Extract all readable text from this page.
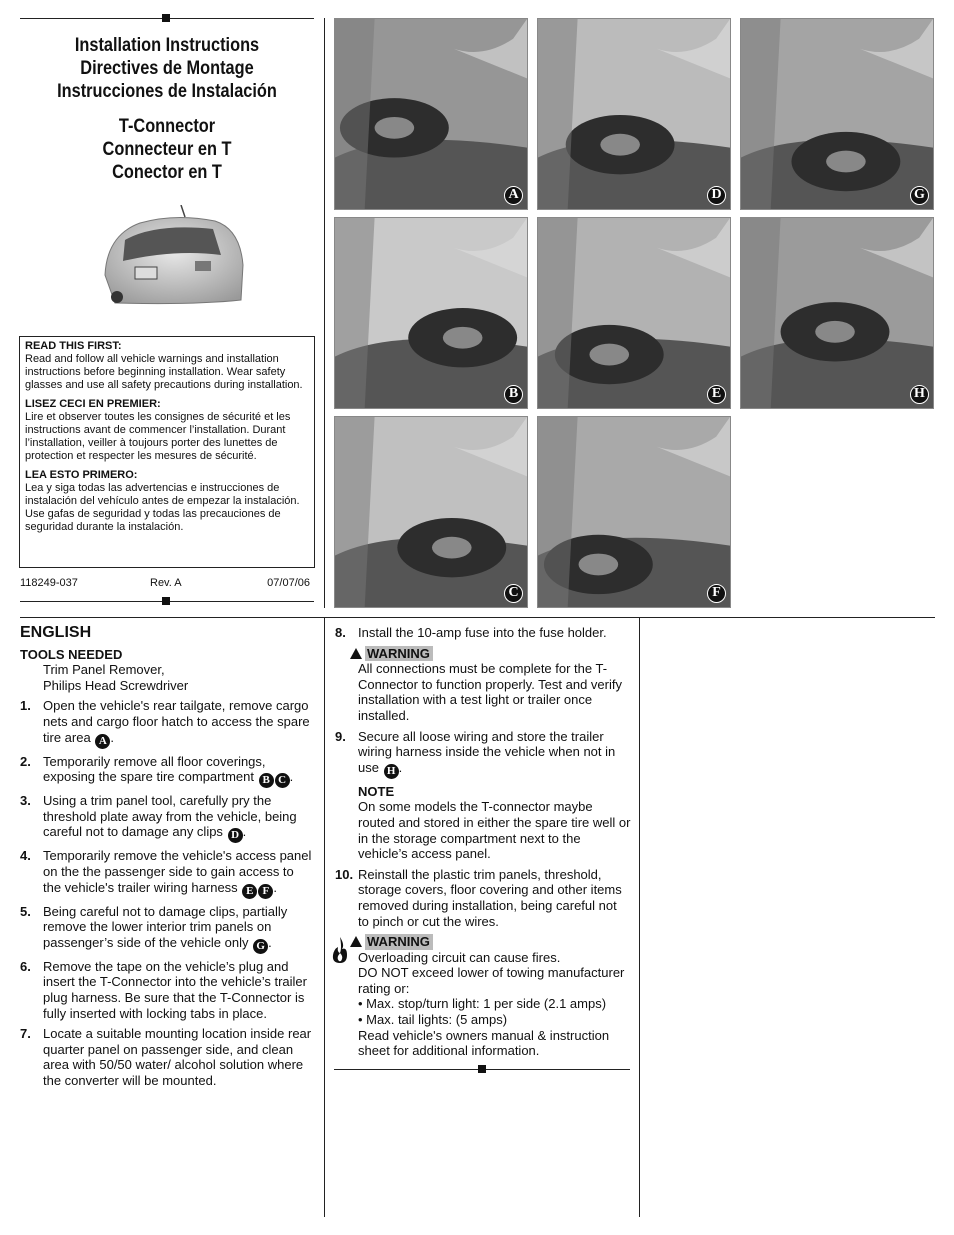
Installation Instructions
Directives de Montage
Instrucciones de Instalación
T-Connector
Connecteur en T
Conector en T
READ THIS FIRST:

Read and follow all vehicle warnings and installation instructions before beginning installation. Wear safety glasses and use all safety precautions during installation.

LISEZ CECI EN PREMIER:

Lire et observer toutes les consignes de sécurité et les instructions avant de commencer l’installation. Durant l’installation, veiller à toujours porter des lunettes de protection et respecter les mesures de sécurité.

LEA ESTO PRIMERO:

Lea y siga todas las advertencias e instrucciones de instalación del vehículo antes de empezar la instalación. Use gafas de seguridad y todas las precauciones de seguridad durante la instalación.

118249-037	Rev. A	07/07/06
A	D	G
B	E	H
C	F
ENGLISH
TOOLS NEEDED
Trim Panel Remover,
Philips Head Screwdriver
1. Open the vehicle's rear tailgate, remove cargo nets and cargo floor hatch to access the spare tire area A .
2. Temporarily remove all floor coverings, exposing the spare tire compartment B C .
3. Using a trim panel tool, carefully pry the threshold plate away from the vehicle, being careful not to damage any clips D .
4. Temporarily remove the vehicle's access panel on the the passenger side to gain access to the vehicle's trailer wiring harness E F .
5. Being careful not to damage clips, partially remove the lower interior trim panels on passenger’s side of the vehicle only G .
6. Remove the tape on the vehicle’s plug and insert the T-Connector into the vehicle’s trailer plug harness. Be sure that the T-Connector is fully inserted with locking tabs in place.
7. Locate a suitable mounting location inside rear quarter panel on passenger side, and clean area with 50/50 water/ alcohol solution where the converter will be mounted.
8. Install the 10-amp fuse into the fuse holder.
WARNING
All connections must be complete for the T-Connector to function properly. Test and verify installation with a test light or trailer once installed.
9. Secure all loose wiring and store the trailer wiring harness inside the vehicle when not in use H .
NOTE
On some models the T-connector maybe routed and stored in either the spare tire well or in the storage compartment next to the vehicle’s access panel.
10. Reinstall the plastic trim panels, threshold, storage covers, floor covering and other items removed during installation, being careful not to pinch or cut the wires.
WARNING
Overloading circuit can cause fires.
DO NOT exceed lower of towing manufacturer rating or:
• Max. stop/turn light: 1 per side (2.1 amps)
• Max. tail lights: (5 amps)
Read vehicle's owners manual & instruction sheet for additional information.
